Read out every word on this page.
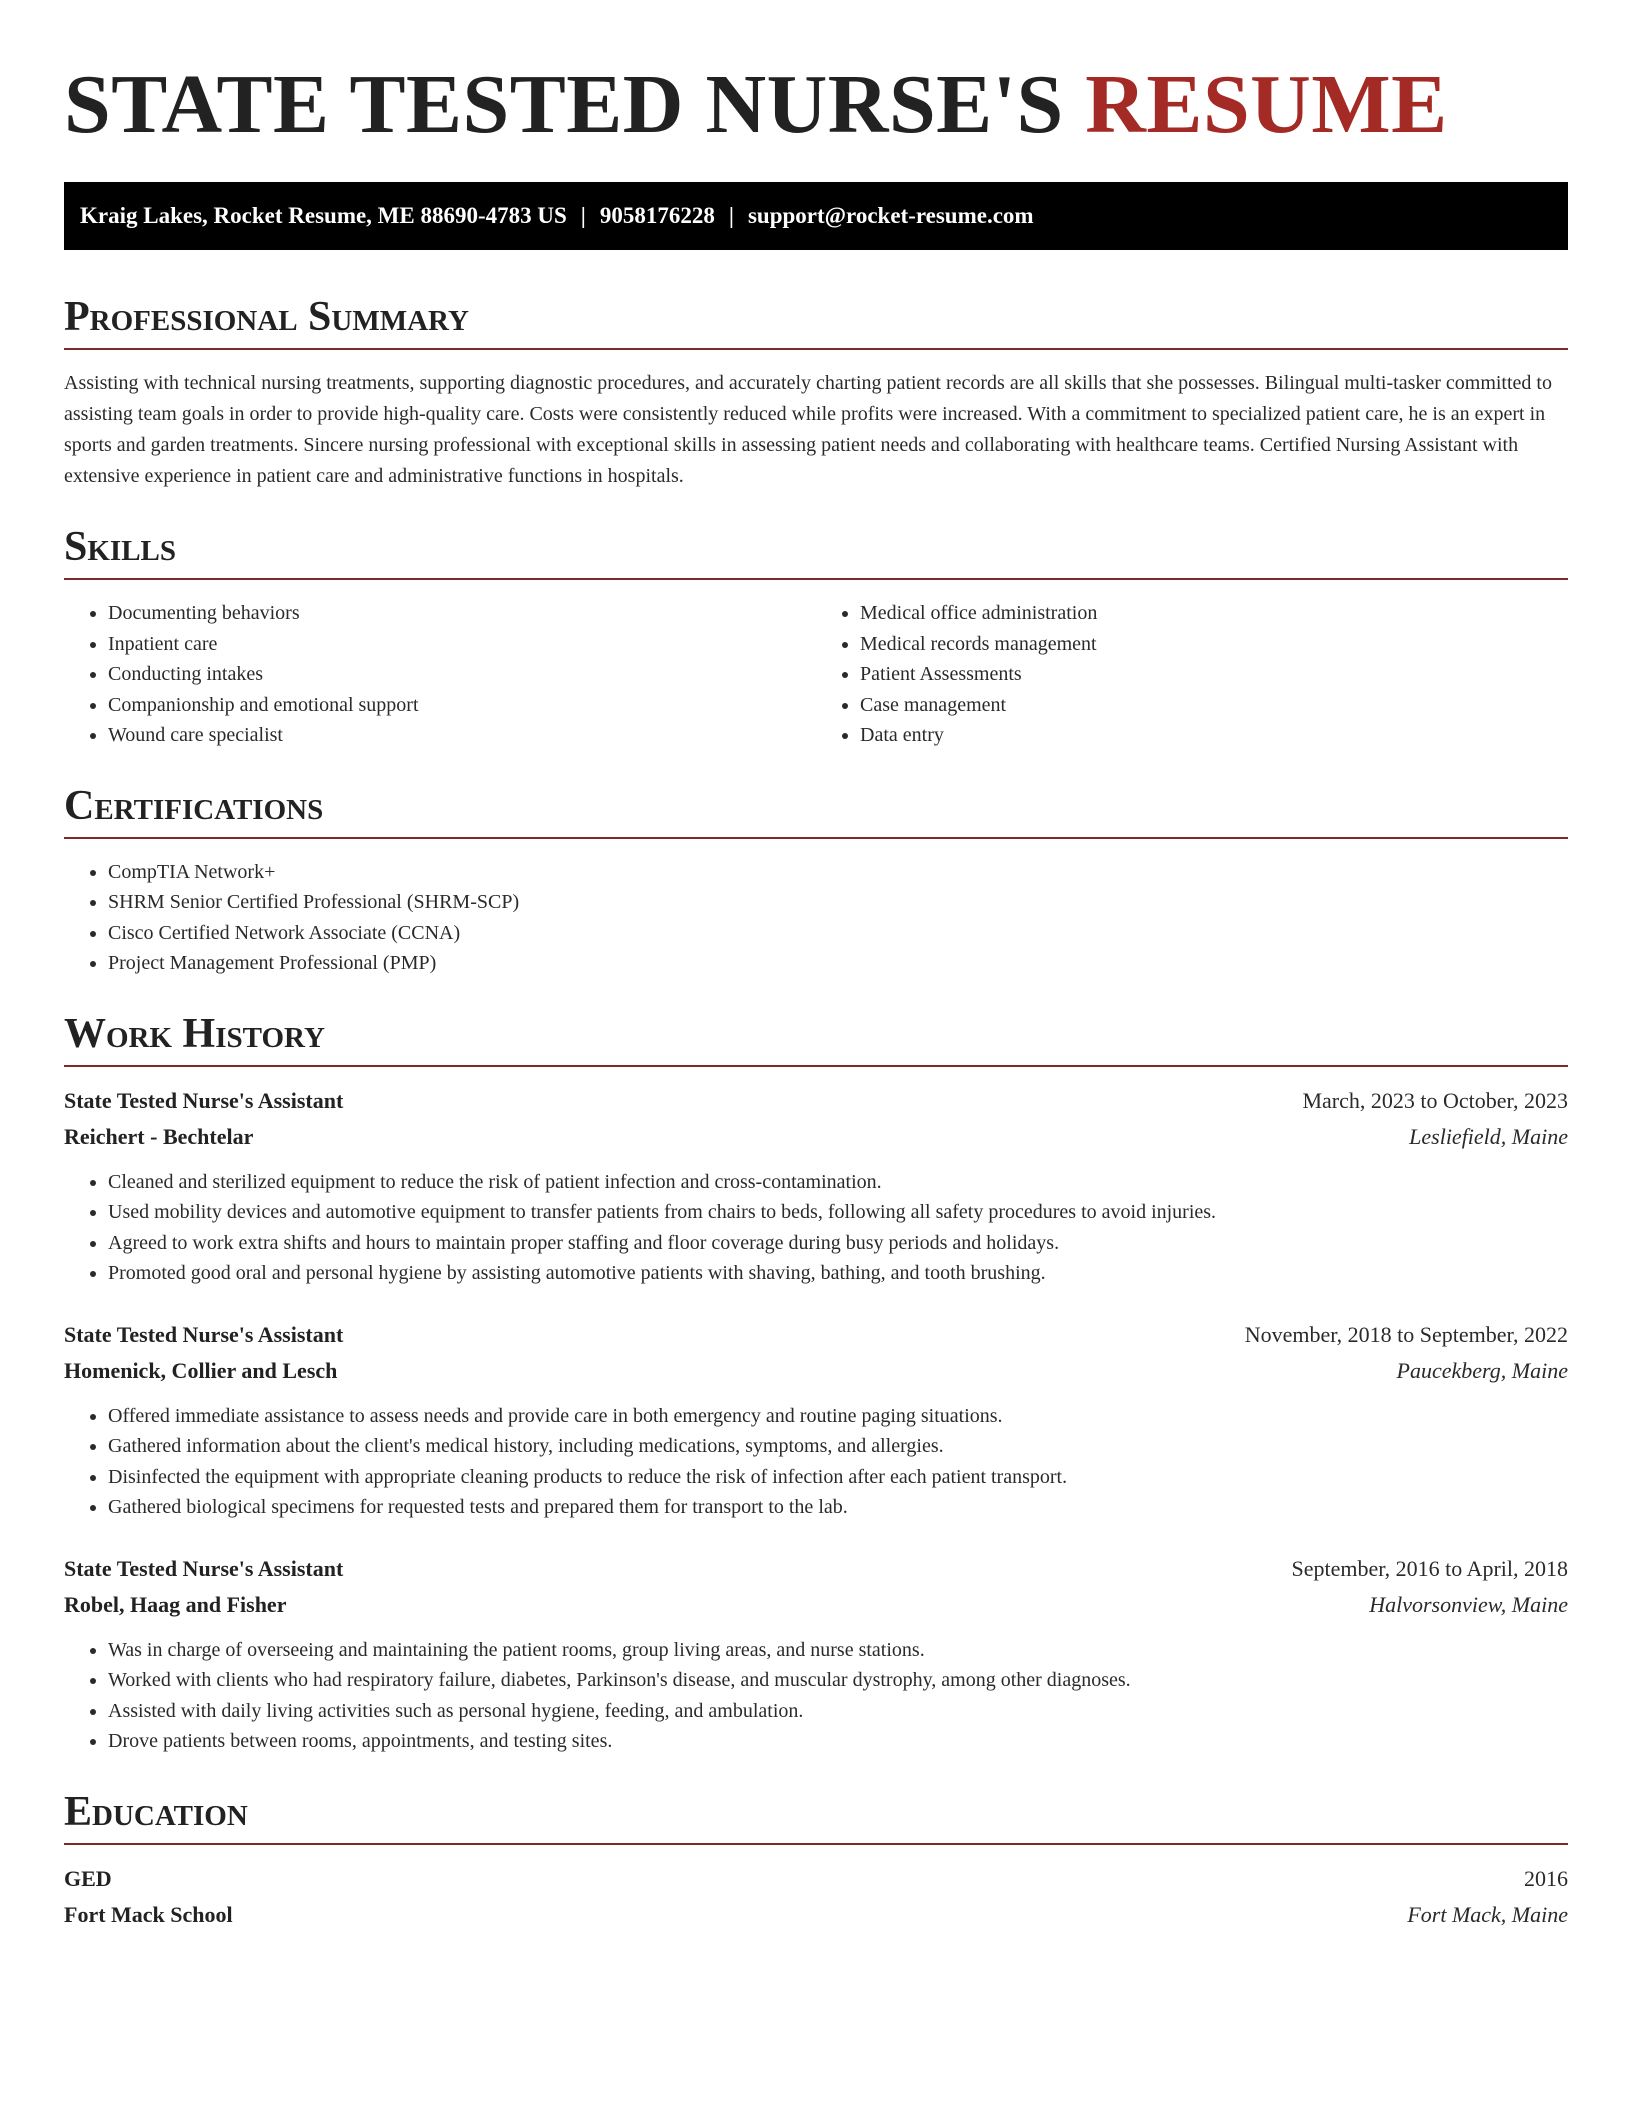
STATE TESTED NURSE'S RESUME
Kraig Lakes, Rocket Resume, ME 88690-4783 US | 9058176228 | support@rocket-resume.com
Professional Summary

Assisting with technical nursing treatments, supporting diagnostic procedures, and accurately charting patient records are all skills that she possesses. Bilingual multi-tasker committed to assisting team goals in order to provide high-quality care. Costs were consistently reduced while profits were increased. With a commitment to specialized patient care, he is an expert in sports and garden treatments. Sincere nursing professional with exceptional skills in assessing patient needs and collaborating with healthcare teams. Certified Nursing Assistant with extensive experience in patient care and administrative functions in hospitals.

Skills
• Documenting behaviors
• Inpatient care
• Conducting intakes
• Companionship and emotional support
• Wound care specialist
• Medical office administration
• Medical records management
• Patient Assessments
• Case management
• Data entry
Certifications
• CompTIA Network+
• SHRM Senior Certified Professional (SHRM-SCP)
• Cisco Certified Network Associate (CCNA)
• Project Management Professional (PMP)
Work History
State Tested Nurse's Assistant	March, 2023 to October, 2023
Reichert - Bechtelar	Lesliefield, Maine
• Cleaned and sterilized equipment to reduce the risk of patient infection and cross-contamination.
• Used mobility devices and automotive equipment to transfer patients from chairs to beds, following all safety procedures to avoid injuries.
• Agreed to work extra shifts and hours to maintain proper staffing and floor coverage during busy periods and holidays.
• Promoted good oral and personal hygiene by assisting automotive patients with shaving, bathing, and tooth brushing.
State Tested Nurse's Assistant	November, 2018 to September, 2022
Homenick, Collier and Lesch	Paucekberg, Maine
• Offered immediate assistance to assess needs and provide care in both emergency and routine paging situations.
• Gathered information about the client's medical history, including medications, symptoms, and allergies.
• Disinfected the equipment with appropriate cleaning products to reduce the risk of infection after each patient transport.
• Gathered biological specimens for requested tests and prepared them for transport to the lab.
State Tested Nurse's Assistant	September, 2016 to April, 2018
Robel, Haag and Fisher	Halvorsonview, Maine
• Was in charge of overseeing and maintaining the patient rooms, group living areas, and nurse stations.
• Worked with clients who had respiratory failure, diabetes, Parkinson's disease, and muscular dystrophy, among other diagnoses.
• Assisted with daily living activities such as personal hygiene, feeding, and ambulation.
• Drove patients between rooms, appointments, and testing sites.
Education
GED	2016
Fort Mack School	Fort Mack, Maine
